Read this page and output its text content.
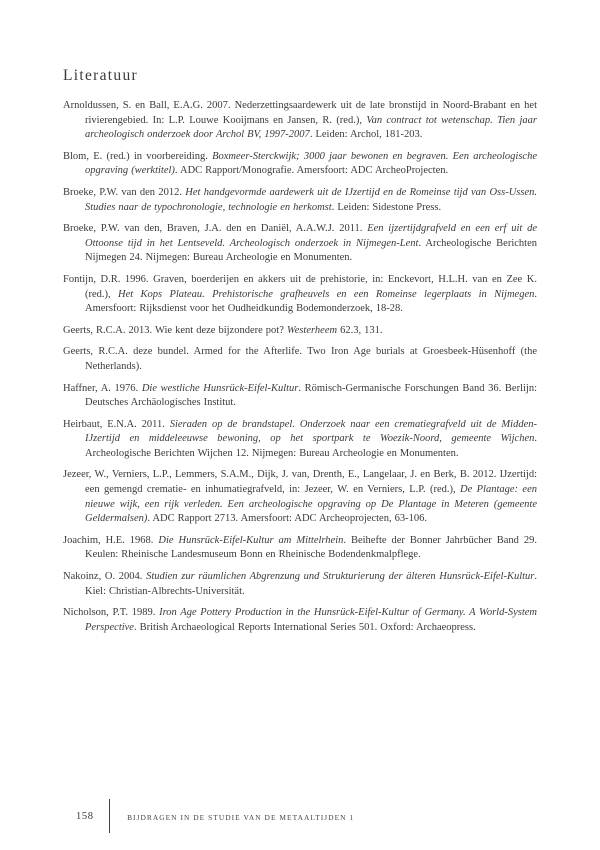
Literatuur

Arnoldussen, S. en Ball, E.A.G. 2007. Nederzettingsaardewerk uit de late bronstijd in Noord-Brabant en het rivierengebied. In: L.P. Louwe Kooijmans en Jansen, R. (red.), Van contract tot wetenschap. Tien jaar archeologisch onderzoek door Archol BV, 1997-2007. Leiden: Archol, 181-203.

Blom, E. (red.) in voorbereiding. Boxmeer-Sterckwijk; 3000 jaar bewonen en begraven. Een archeologische opgraving (werktitel). ADC Rapport/Monografie. Amersfoort: ADC ArcheoProjecten.

Broeke, P.W. van den 2012. Het handgevormde aardewerk uit de IJzertijd en de Romeinse tijd van Oss-Ussen. Studies naar de typochronologie, technologie en herkomst. Leiden: Sidestone Press.

Broeke, P.W. van den, Braven, J.A. den en Daniël, A.A.W.J. 2011. Een ijzertijdgrafveld en een erf uit de Ottoonse tijd in het Lentseveld. Archeologisch onderzoek in Nijmegen-Lent. Archeologische Berichten Nijmegen 24. Nijmegen: Bureau Archeologie en Monumenten.

Fontijn, D.R. 1996. Graven, boerderijen en akkers uit de prehistorie, in: Enckevort, H.L.H. van en Zee K. (red.), Het Kops Plateau. Prehistorische grafheuvels en een Romeinse legerplaats in Nijmegen. Amersfoort: Rijksdienst voor het Oudheidkundig Bodemonderzoek, 18-28.

Geerts, R.C.A. 2013. Wie kent deze bijzondere pot? Westerheem 62.3, 131.

Geerts, R.C.A. deze bundel. Armed for the Afterlife. Two Iron Age burials at Groesbeek-Hüsenhoff (the Netherlands).

Haffner, A. 1976. Die westliche Hunsrück-Eifel-Kultur. Römisch-Germanische Forschungen Band 36. Berlijn: Deutsches Archäologisches Institut.

Heirbaut, E.N.A. 2011. Sieraden op de brandstapel. Onderzoek naar een crematiegrafveld uit de Midden-IJzertijd en middeleeuwse bewoning, op het sportpark te Woezik-Noord, gemeente Wijchen. Archeologische Berichten Wijchen 12. Nijmegen: Bureau Archeologie en Monumenten.

Jezeer, W., Verniers, L.P., Lemmers, S.A.M., Dijk, J. van, Drenth, E., Langelaar, J. en Berk, B. 2012. IJzertijd: een gemengd crematie- en inhumatiegrafveld, in: Jezeer, W. en Verniers, L.P. (red.), De Plantage: een nieuwe wijk, een rijk verleden. Een archeologische opgraving op De Plantage in Meteren (gemeente Geldermalsen). ADC Rapport 2713. Amersfoort: ADC Archeoprojecten, 63-106.

Joachim, H.E. 1968. Die Hunsrück-Eifel-Kultur am Mittelrhein. Beihefte der Bonner Jahrbücher Band 29. Keulen: Rheinische Landesmuseum Bonn en Rheinische Bodendenkmalpflege.

Nakoinz, O. 2004. Studien zur räumlichen Abgrenzung und Strukturierung der älteren Hunsrück-Eifel-Kultur. Kiel: Christian-Albrechts-Universität.

Nicholson, P.T. 1989. Iron Age Pottery Production in the Hunsrück-Eifel-Kultur of Germany. A World-System Perspective. British Archaeological Reports International Series 501. Oxford: Archaeopress.

158	BIJDRAGEN IN DE STUDIE VAN DE METAALTIJDEN 1
